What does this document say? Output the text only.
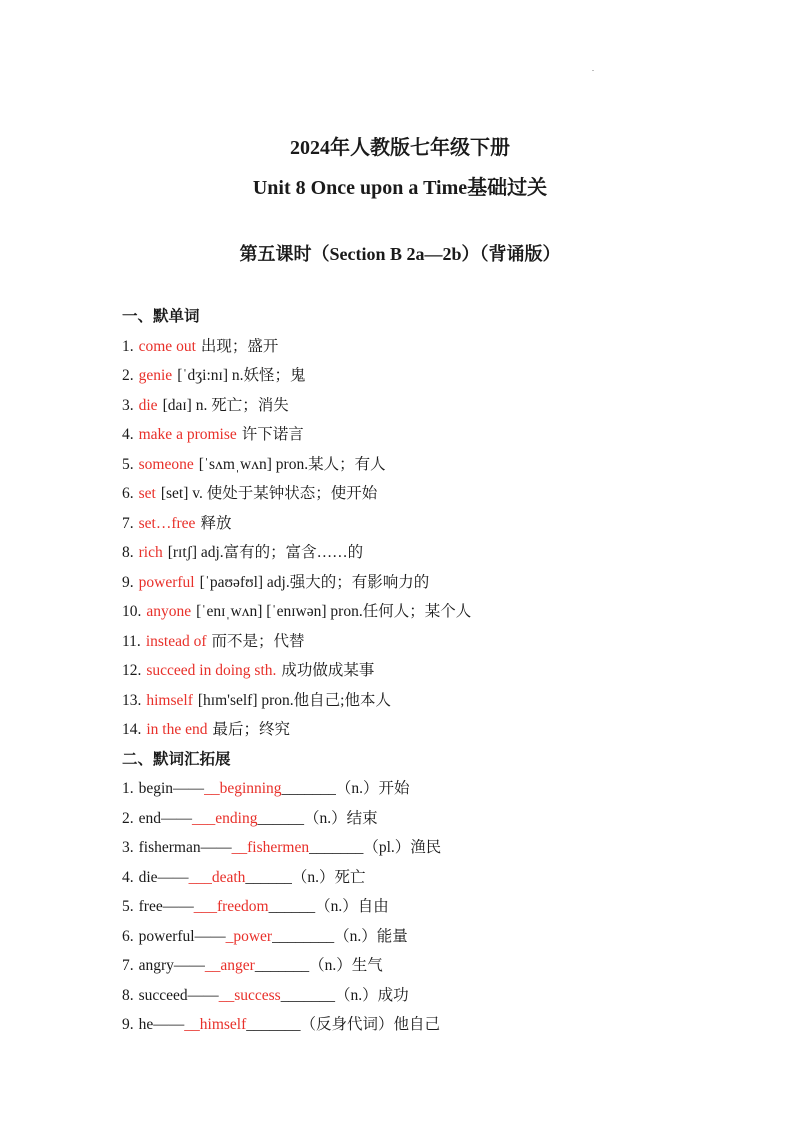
.
2024年人教版七年级下册
Unit 8 Once upon a Time基础过关
第五课时（Section B 2a—2b）（背诵版）
一、默单词
1. come out 出现；盛开
2. genie [ˈdʒi:nɪ] n.妖怪；鬼
3. die [daɪ] n. 死亡；消失
4. make a promise 许下诺言
5. someone [ˈsʌmˌwʌn] pron.某人；有人
6. set [set] v. 使处于某钟状态；使开始
7. set…free 释放
8. rich [rɪtʃ] adj.富有的；富含……的
9. powerful [ˈpaʊəfʊl] adj.强大的；有影响力的
10. anyone [ˈenɪˌwʌn] [ˈenɪwən] pron.任何人；某个人
11. instead of 而不是；代替
12. succeed in doing sth. 成功做成某事
13. himself [hɪm'self] pron.他自己;他本人
14. in the end 最后；终究
二、默词汇拓展
1. begin——__beginning_______（n.）开始
2. end——___ending______（n.）结束
3. fisherman——__fishermen_______（pl.）渔民
4. die——___death______（n.）死亡
5. free——___freedom______（n.）自由
6. powerful——_power________（n.）能量
7. angry——__anger_______（n.）生气
8. succeed——__success_______（n.）成功
9. he——__himself_______（反身代词）他自己
